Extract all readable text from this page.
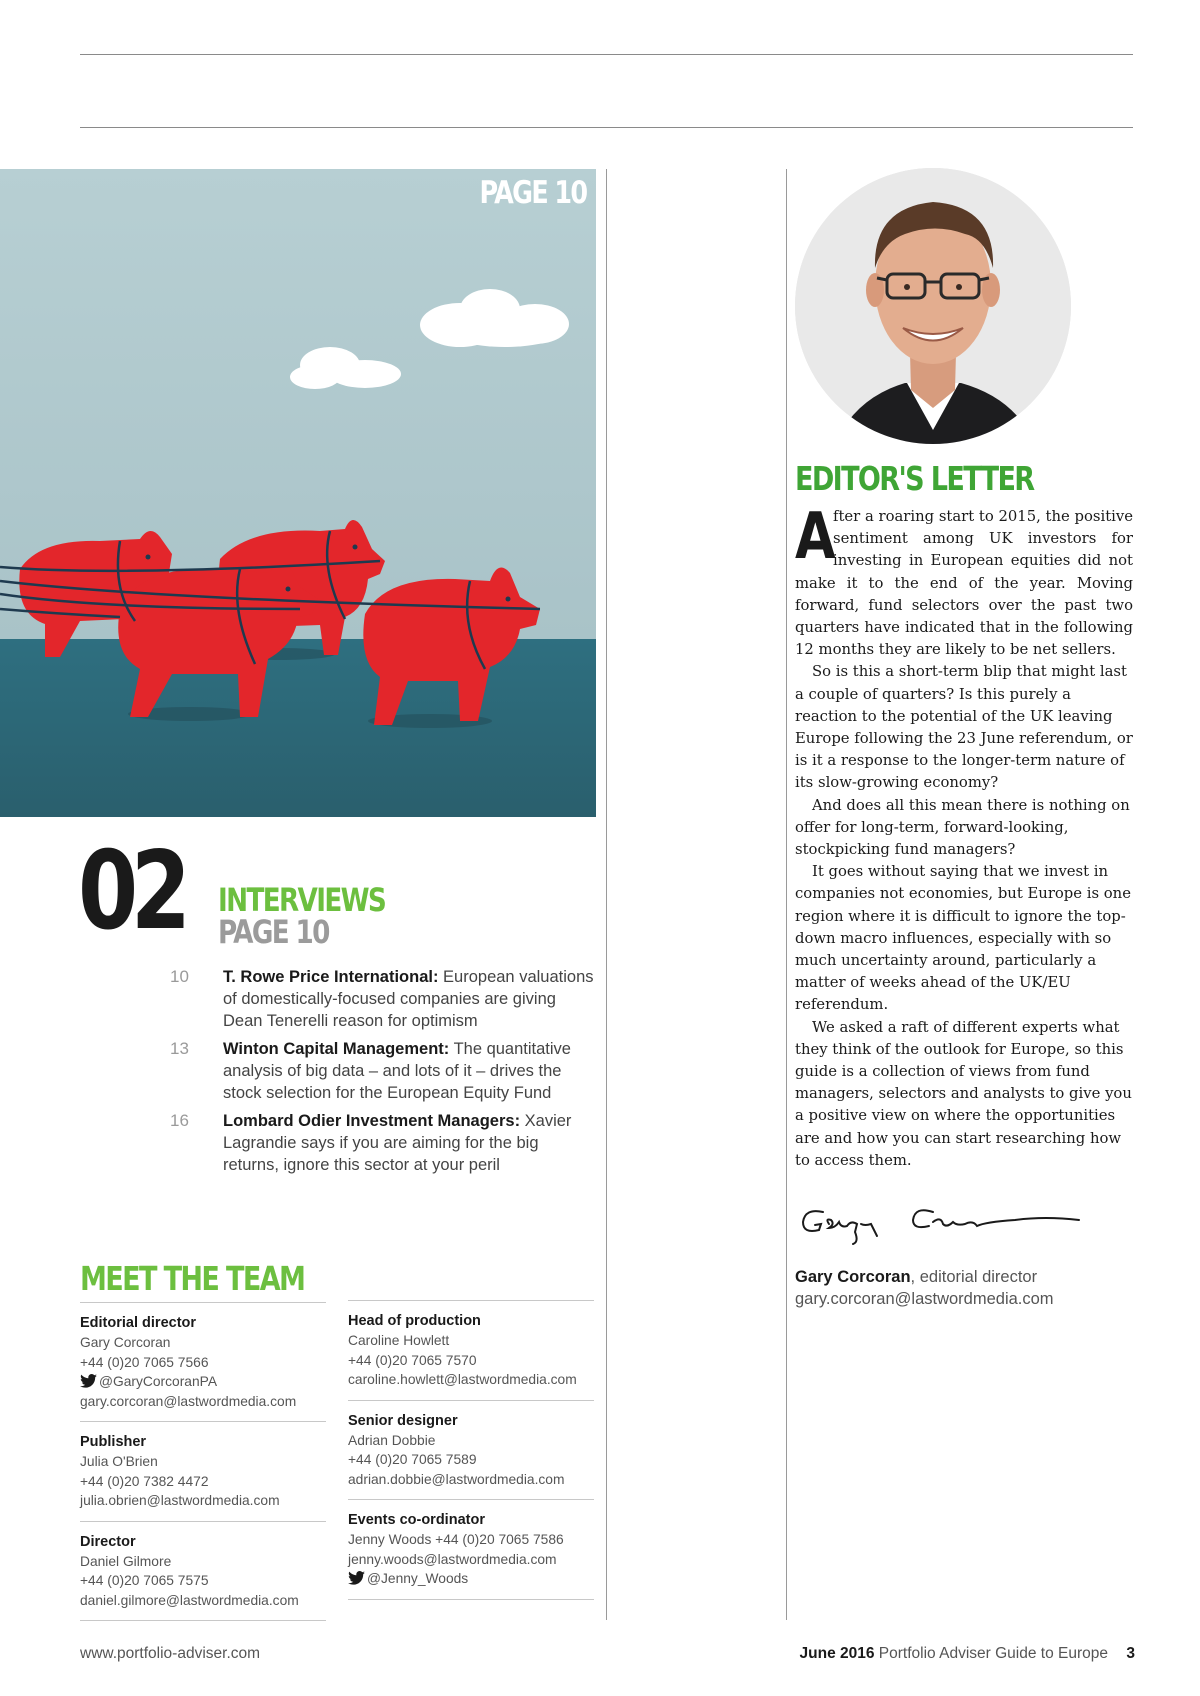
PAGE 10
02 INTERVIEWS
PAGE 10
10 T. Rowe Price International: European valuations of domestically-focused companies are giving Dean Tenerelli reason for optimism
13 Winton Capital Management: The quantitative analysis of big data – and lots of it – drives the stock selection for the European Equity Fund
16 Lombard Odier Investment Managers: Xavier Lagrandie says if you are aiming for the big returns, ignore this sector at your peril
MEET THE TEAM
Editorial director
Gary Corcoran
+44 (0)20 7065 7566
@GaryCorcoranPA
gary.corcoran@lastwordmedia.com
Publisher
Julia O'Brien
+44 (0)20 7382 4472
julia.obrien@lastwordmedia.com
Director
Daniel Gilmore
+44 (0)20 7065 7575
daniel.gilmore@lastwordmedia.com
Head of production
Caroline Howlett
+44 (0)20 7065 7570
caroline.howlett@lastwordmedia.com
Senior designer
Adrian Dobbie
+44 (0)20 7065 7589
adrian.dobbie@lastwordmedia.com
Events co-ordinator
Jenny Woods +44 (0)20 7065 7586
jenny.woods@lastwordmedia.com
@Jenny_Woods
EDITOR'S LETTER

A
fter a roaring start to 2015, the positive sentiment among UK investors for investing in European equities did not make it to the end of the year. Moving forward, fund selectors over the past two quarters have indicated that in the following 12 months they are likely to be net sellers.

So is this a short-term blip that might last a couple of quarters? Is this purely a reaction to the potential of the UK leaving Europe following the 23 June referendum, or is it a response to the longer-term nature of its slow-growing economy?

And does all this mean there is nothing on offer for long-term, forward-looking, stockpicking fund managers?

It goes without saying that we invest in companies not economies, but Europe is one region where it is difficult to ignore the top-down macro influences, especially with so much uncertainty around, particularly a matter of weeks ahead of the UK/EU referendum.

We asked a raft of different experts what they think of the outlook for Europe, so this guide is a collection of views from fund managers, selectors and analysts to give you a positive view on where the opportunities are and how you can start researching how to access them.

Gary Corcoran, editorial director
gary.corcoran@lastwordmedia.com
www.portfolio-adviser.com	June 2016 Portfolio Adviser Guide to Europe 3
